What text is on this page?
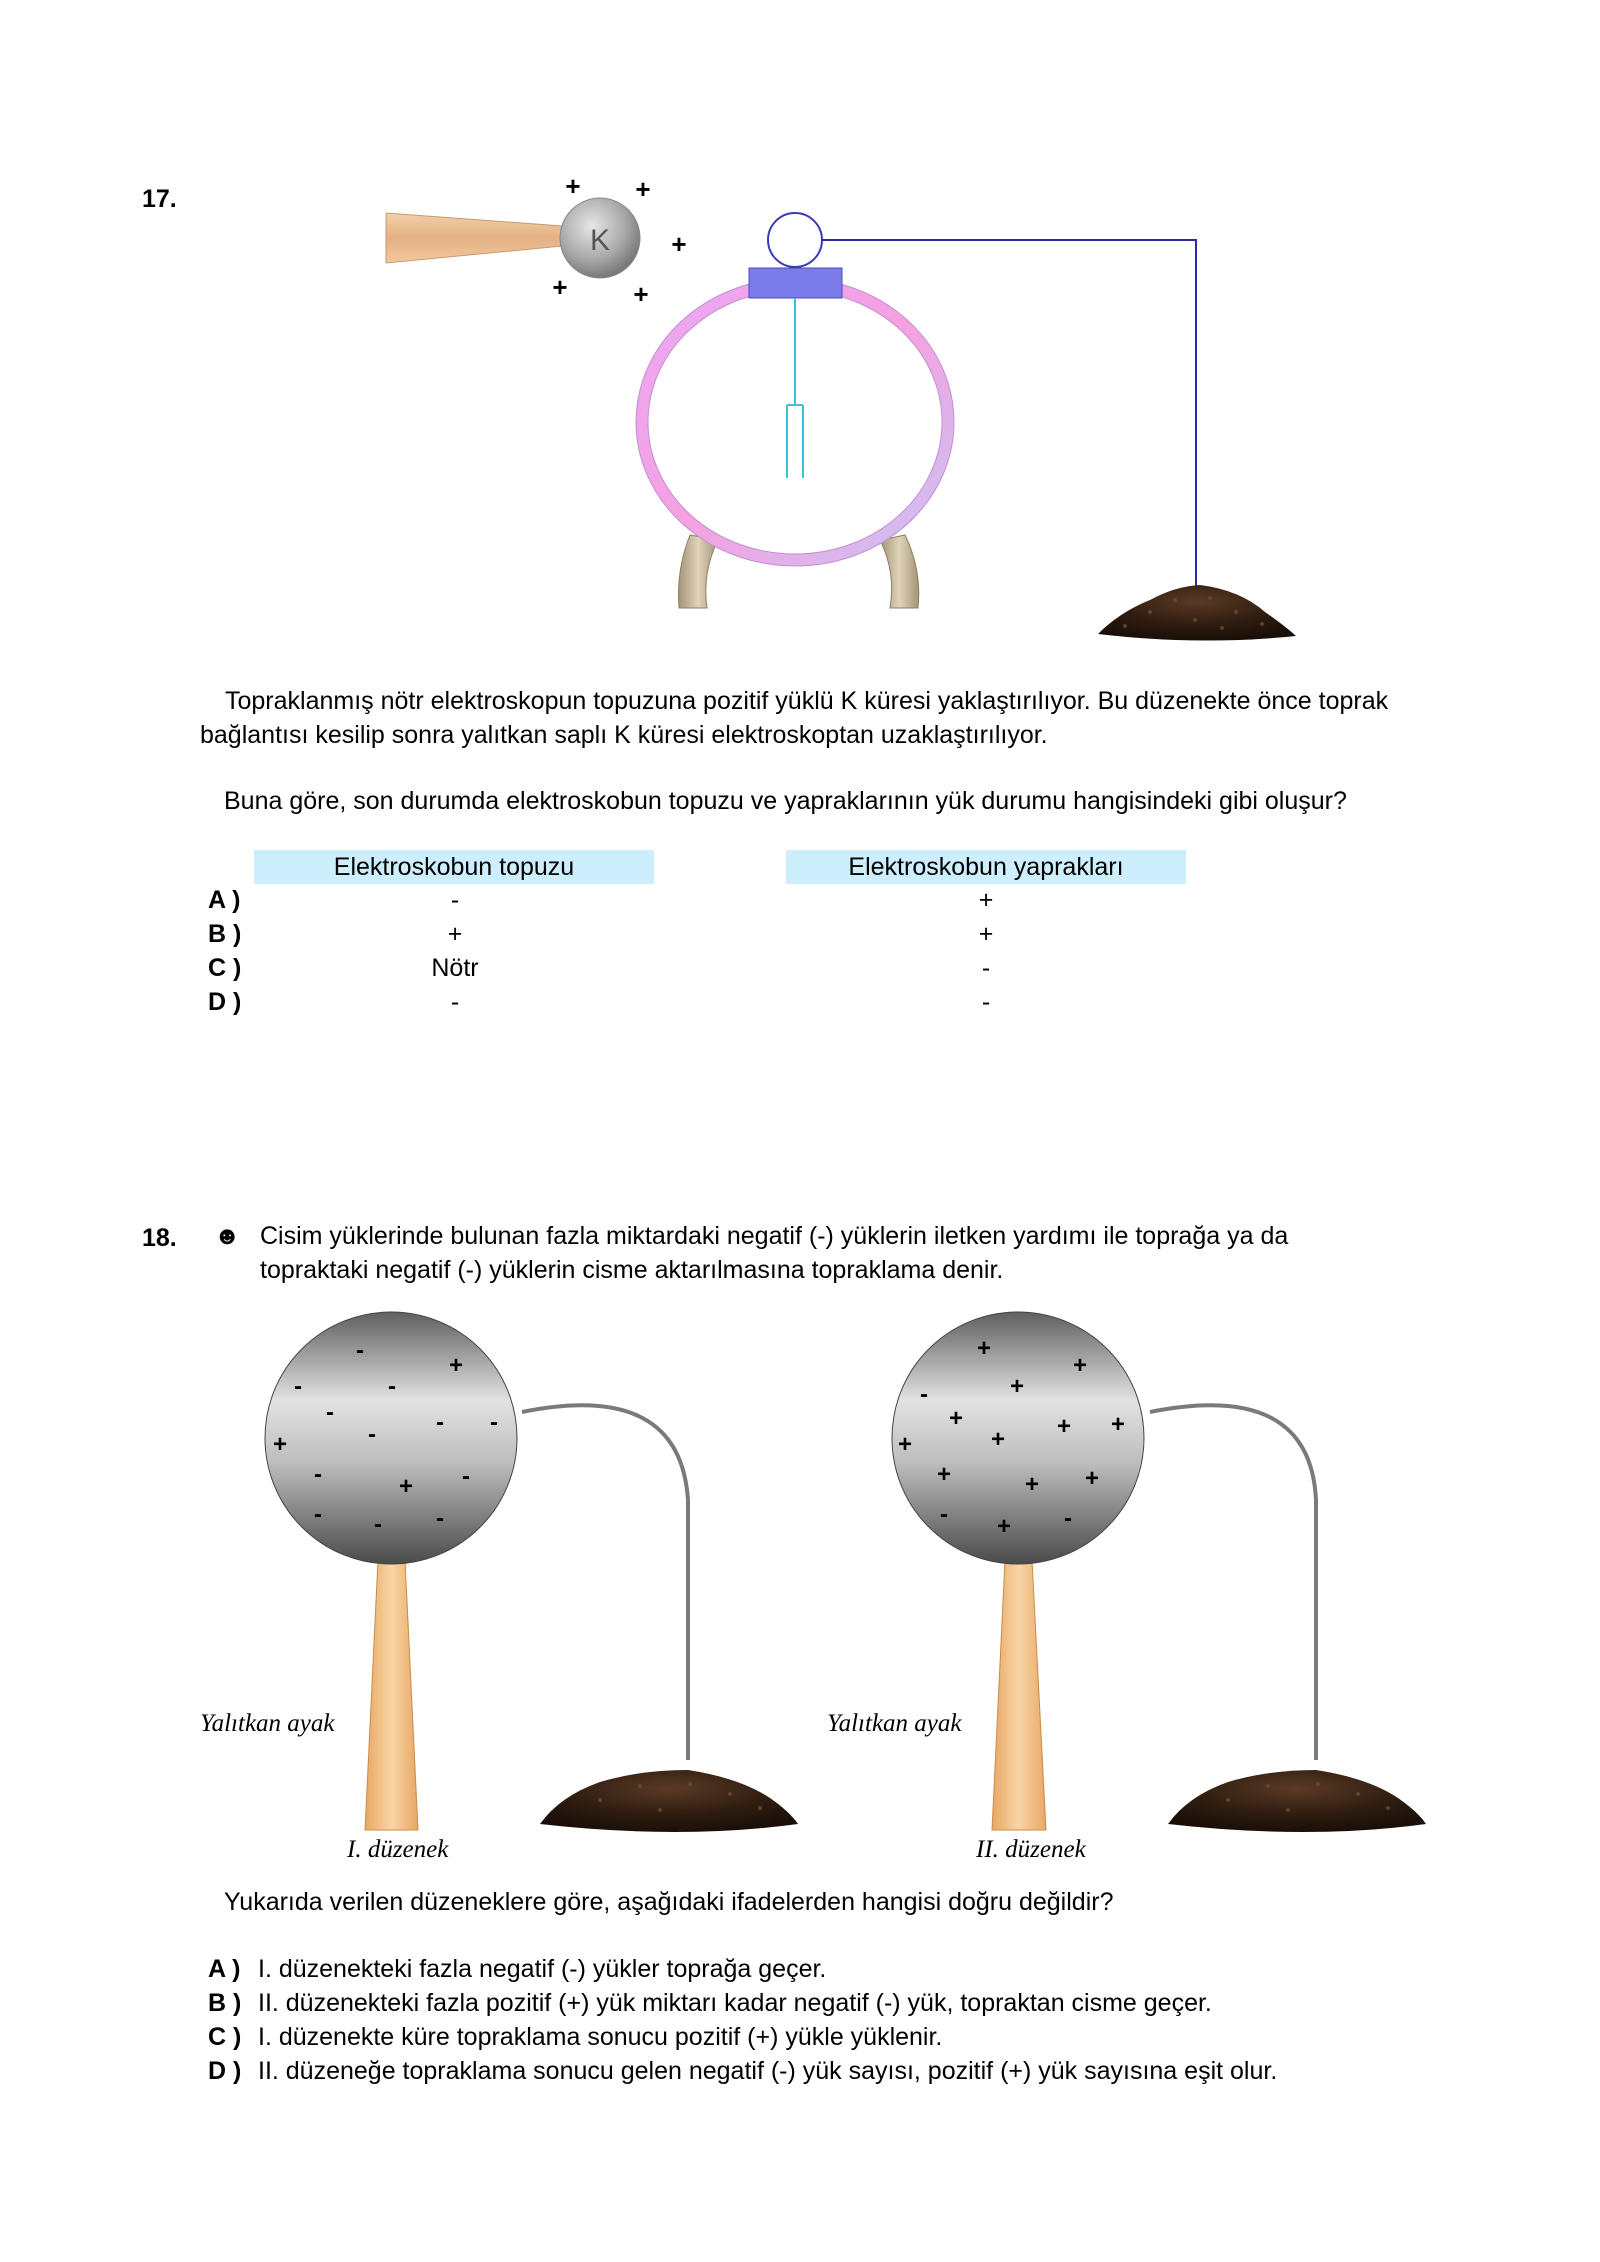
17.
K
+ +
+
+	+
Topraklanmış nötr elektroskopun topuzuna pozitif yüklü K küresi yaklaştırılıyor. Bu düzenekte önce toprak bağlantısı kesilip sonra yalıtkan saplı K küresi elektroskoptan uzaklaştırılıyor.
Buna göre, son durumda elektroskobun topuzu ve yapraklarının yük durumu hangisindeki gibi oluşur?
Elektroskobun topuzu	Elektroskobun yaprakları
A )	-	+
B )	+	+
C )	Nötr	-
D )	-	-
18. ☻ Cisim yüklerinde bulunan fazla miktardaki negatif (-) yüklerin iletken yardımı ile toprağa ya da
topraktaki negatif (-) yüklerin cisme aktarılmasına topraklama denir.
-
+
-	-
-	- -
+	-
-	+ -
- - -
+
+
-	+
+	+ +
+	+
+	+ +
- + -
Yalıtkan ayak	Yalıtkan ayak
I. düzenek	II. düzenek
Yukarıda verilen düzeneklere göre, aşağıdaki ifadelerden hangisi doğru değildir?
A ) I. düzenekteki fazla negatif (-) yükler toprağa geçer.
B ) II. düzenekteki fazla pozitif (+) yük miktarı kadar negatif (-) yük, topraktan cisme geçer.
C ) I. düzenekte küre topraklama sonucu pozitif (+) yükle yüklenir.
D ) II. düzeneğe topraklama sonucu gelen negatif (-) yük sayısı, pozitif (+) yük sayısına eşit olur.
